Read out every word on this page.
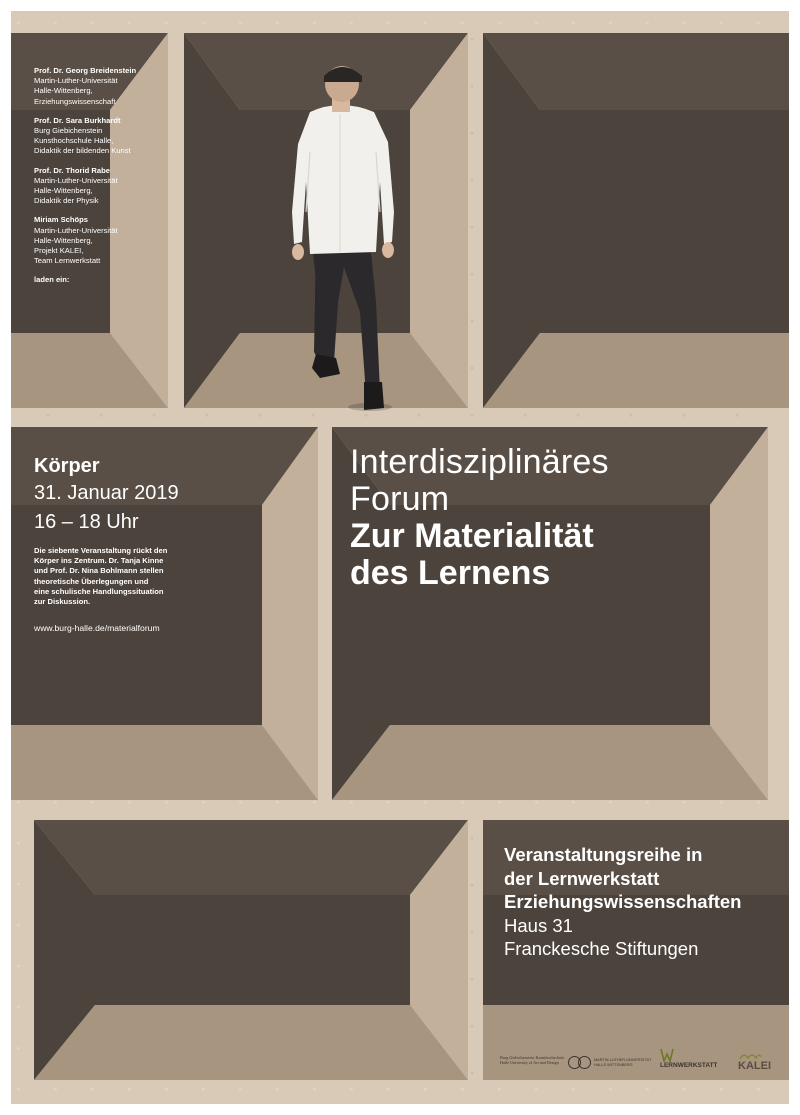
Prof. Dr. Georg Breidenstein
Martin-Luther-Universität
Halle-Wittenberg,
Erziehungswissenschaft
Prof. Dr. Sara Burkhardt
Burg Giebichenstein
Kunsthochschule Halle,
Didaktik der bildenden Kunst
Prof. Dr. Thorid Rabe
Martin-Luther-Universität
Halle-Wittenberg,
Didaktik der Physik
Miriam Schöps
Martin-Luther-Universität
Halle-Wittenberg,
Projekt KALEI,
Team Lernwerkstatt
laden ein:
Körper
31. Januar 2019
16 – 18 Uhr
Die siebente Veranstaltung rückt den
Körper ins Zentrum. Dr. Tanja Kinne
und Prof. Dr. Nina Bohlmann stellen
theoretische Überlegungen und
eine schulische Handlungssituation
zur Diskussion.
www.burg-halle.de/materialforum
Interdisziplinäres
Forum
Zur Materialität
des Lernens
Veranstaltungsreihe in
der Lernwerkstatt
Erziehungswissenschaften
Haus 31
Franckesche Stiftungen
Burg Giebichenstein Kunsthochschule Halle University of Art and Design	MARTIN-LUTHER-UNIVERSITÄT HALLE-WITTENBERG	LERNWERKSTATT KALEI
